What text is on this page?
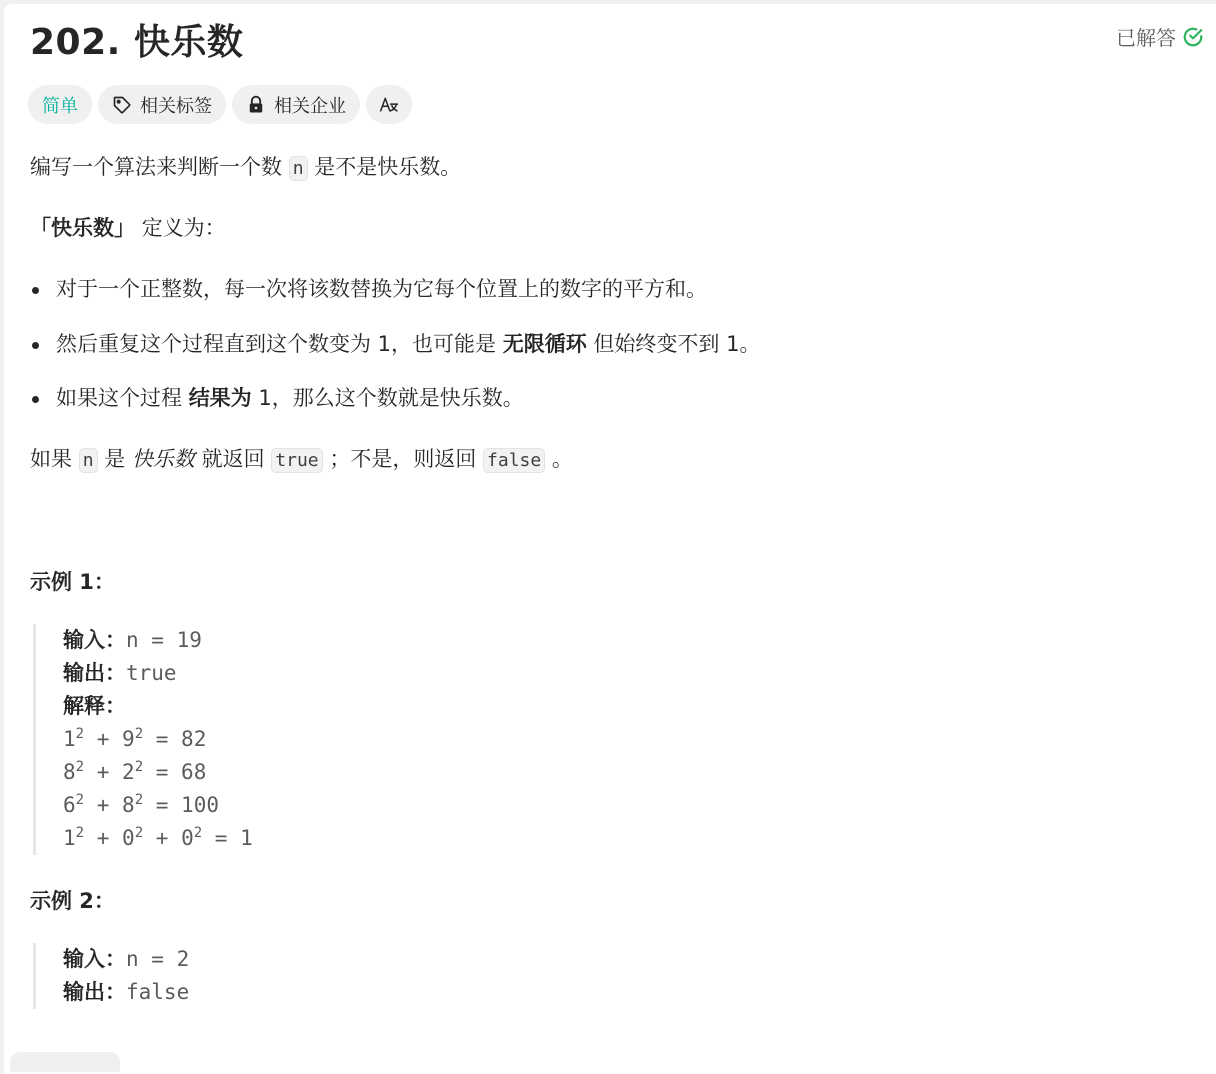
202. 快乐数	已解答
简单	相关标签	相关企业
编写一个算法来判断一个数 n 是不是快乐数。
「快乐数」 定义为：
对于一个正整数，每一次将该数替换为它每个位置上的数字的平方和。
然后重复这个过程直到这个数变为 1，也可能是 无限循环 但始终变不到 1。
如果这个过程 结果为 1，那么这个数就是快乐数。
如果 n 是 快乐数 就返回 true ；不是，则返回 false 。
示例 1：
输入：n = 19
输出：true
解释：
$1^2 + 9^2 = 82$
$8^2 + 2^2 = 68$
$6^2 + 8^2 = 100$
$1^2 + 0^2 + 0^2 = 1$
示例 2：
输入：n = 2
输出：false
